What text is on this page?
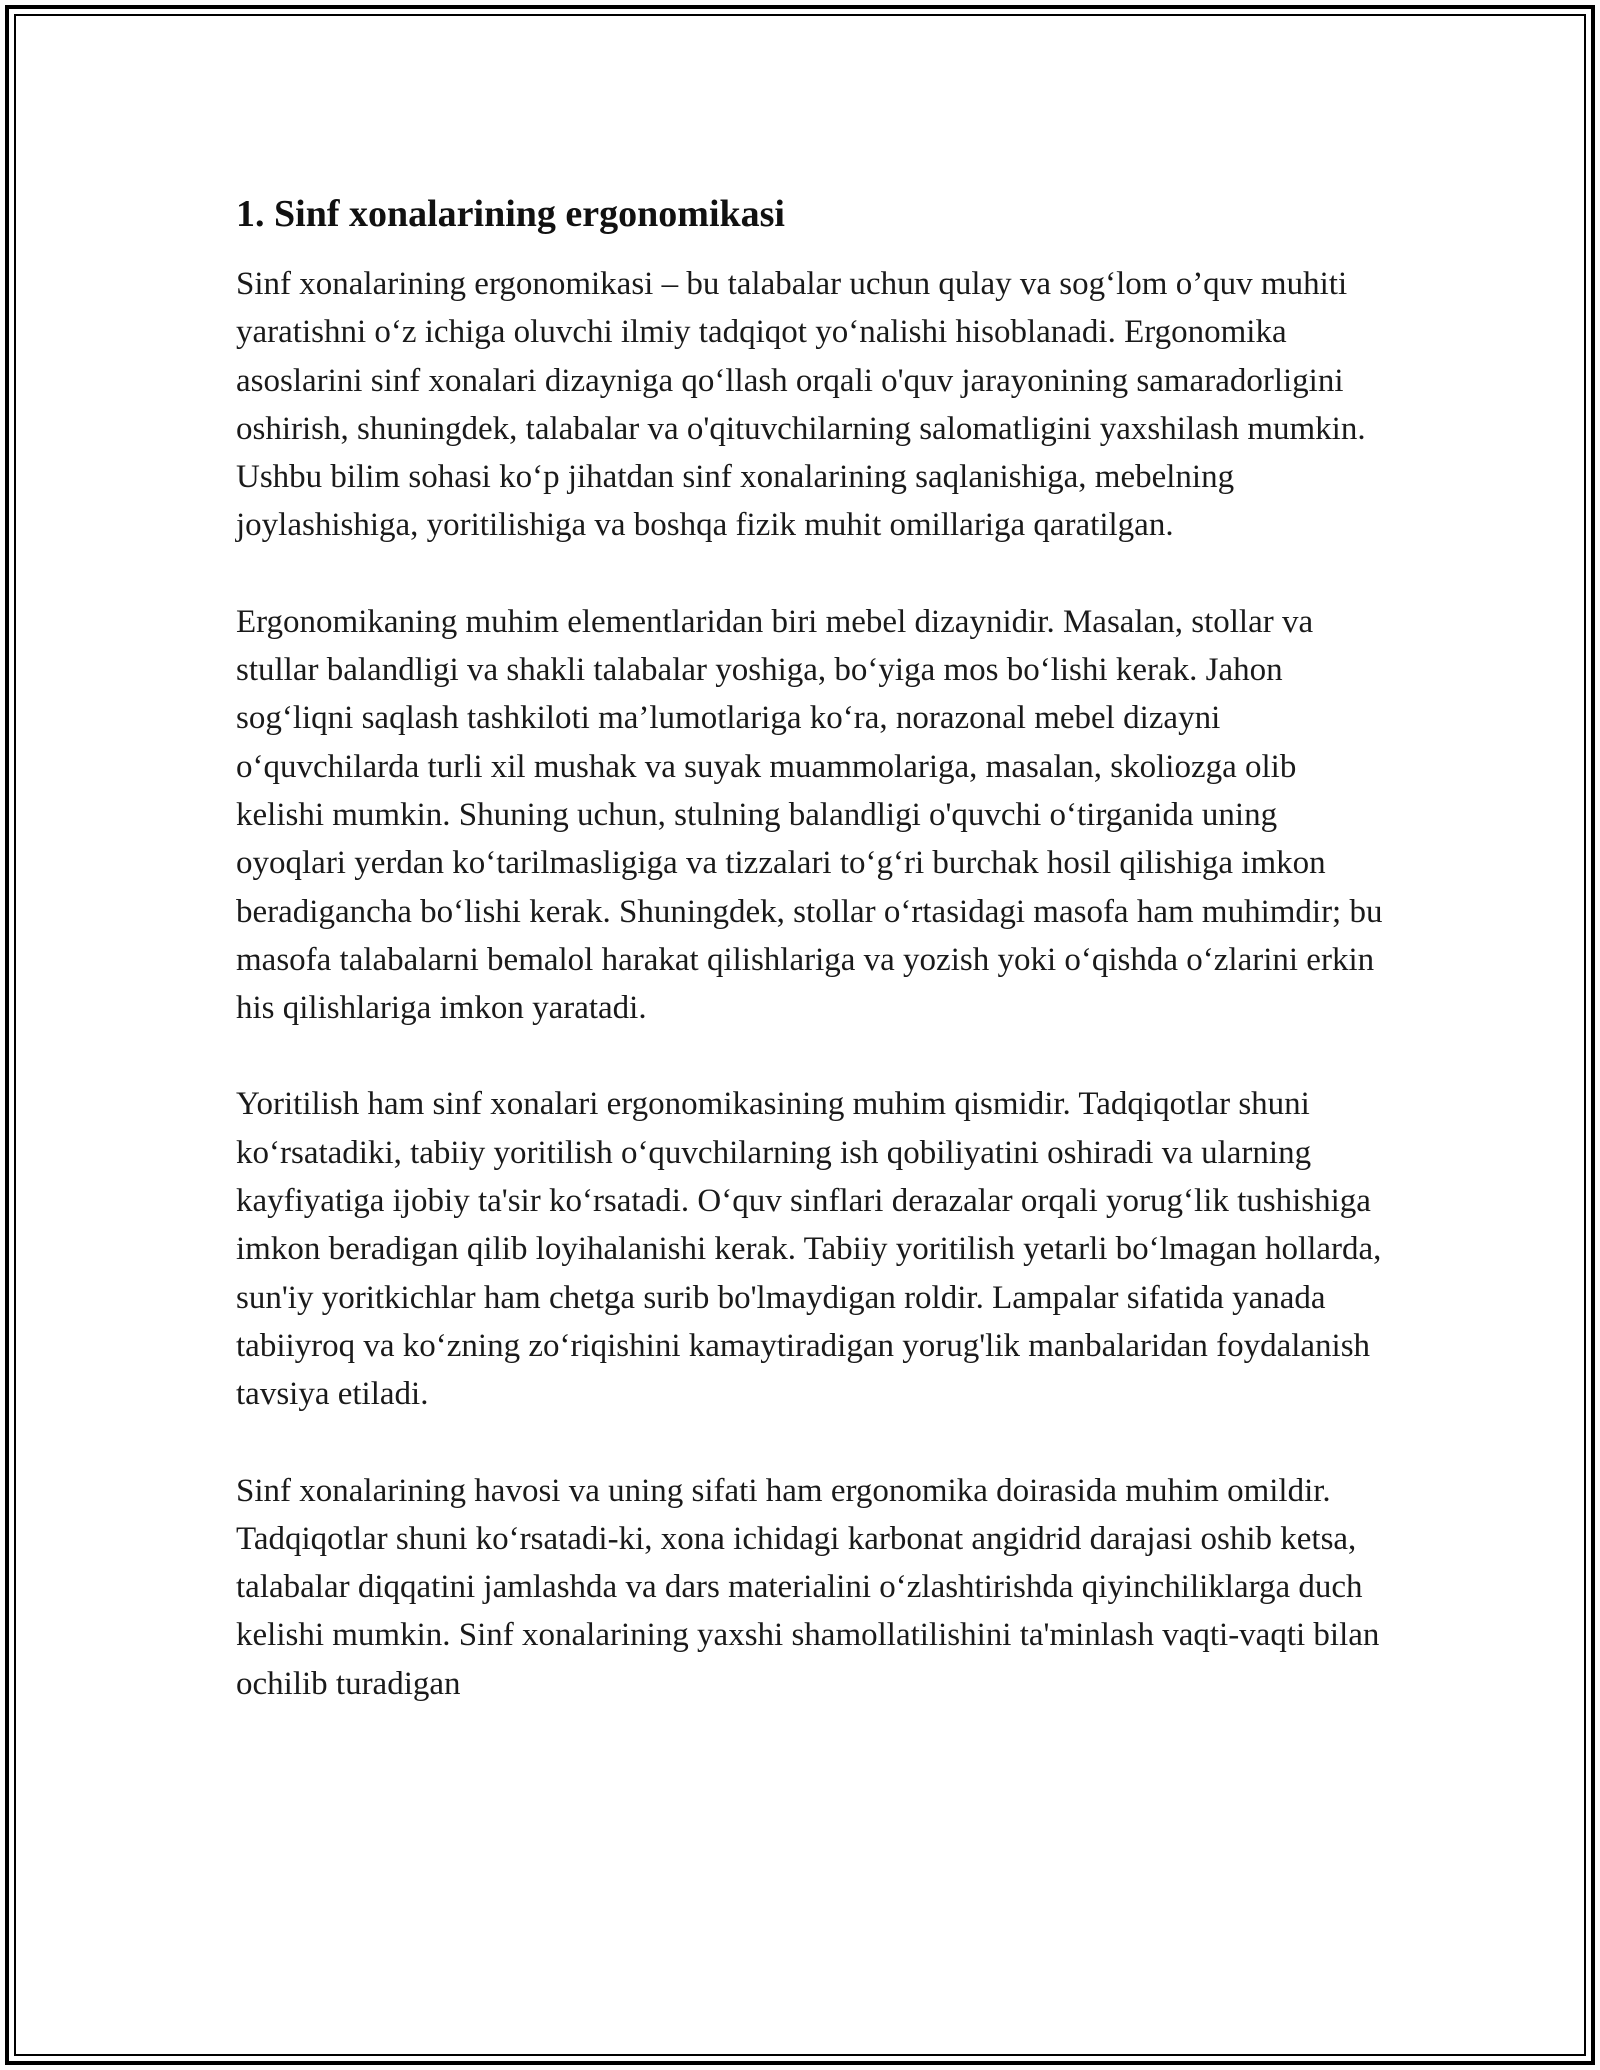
1. Sinf xonalarining ergonomikasi

Sinf xonalarining ergonomikasi – bu talabalar uchun qulay va sog‘lom o’quv muhiti yaratishni o‘z ichiga oluvchi ilmiy tadqiqot yo‘nalishi hisoblanadi. Ergonomika asoslarini sinf xonalari dizayniga qo‘llash orqali o'quv jarayonining samaradorligini oshirish, shuningdek, talabalar va o'qituvchilarning salomatligini yaxshilash mumkin. Ushbu bilim sohasi ko‘p jihatdan sinf xonalarining saqlanishiga, mebelning joylashishiga, yoritilishiga va boshqa fizik muhit omillariga qaratilgan.

Ergonomikaning muhim elementlaridan biri mebel dizaynidir. Masalan, stollar va stullar balandligi va shakli talabalar yoshiga, bo‘yiga mos bo‘lishi kerak. Jahon sog‘liqni saqlash tashkiloti ma’lumotlariga ko‘ra, norazonal mebel dizayni o‘quvchilarda turli xil mushak va suyak muammolariga, masalan, skoliozga olib kelishi mumkin. Shuning uchun, stulning balandligi o'quvchi o‘tirganida uning oyoqlari yerdan ko‘tarilmasligiga va tizzalari to‘g‘ri burchak hosil qilishiga imkon beradigancha bo‘lishi kerak. Shuningdek, stollar o‘rtasidagi masofa ham muhimdir; bu masofa talabalarni bemalol harakat qilishlariga va yozish yoki o‘qishda o‘zlarini erkin his qilishlariga imkon yaratadi.

Yoritilish ham sinf xonalari ergonomikasining muhim qismidir. Tadqiqotlar shuni ko‘rsatadiki, tabiiy yoritilish o‘quvchilarning ish qobiliyatini oshiradi va ularning kayfiyatiga ijobiy ta'sir ko‘rsatadi. O‘quv sinflari derazalar orqali yorug‘lik tushishiga imkon beradigan qilib loyihalanishi kerak. Tabiiy yoritilish yetarli bo‘lmagan hollarda, sun'iy yoritkichlar ham chetga surib bo'lmaydigan roldir. Lampalar sifatida yanada tabiiyroq va ko‘zning zo‘riqishini kamaytiradigan yorug'lik manbalaridan foydalanish tavsiya etiladi.

Sinf xonalarining havosi va uning sifati ham ergonomika doirasida muhim omildir. Tadqiqotlar shuni ko‘rsatadi-ki, xona ichidagi karbonat angidrid darajasi oshib ketsa, talabalar diqqatini jamlashda va dars materialini o‘zlashtirishda qiyinchiliklarga duch kelishi mumkin. Sinf xonalarining yaxshi shamollatilishini ta'minlash vaqti-vaqti bilan ochilib turadigan
